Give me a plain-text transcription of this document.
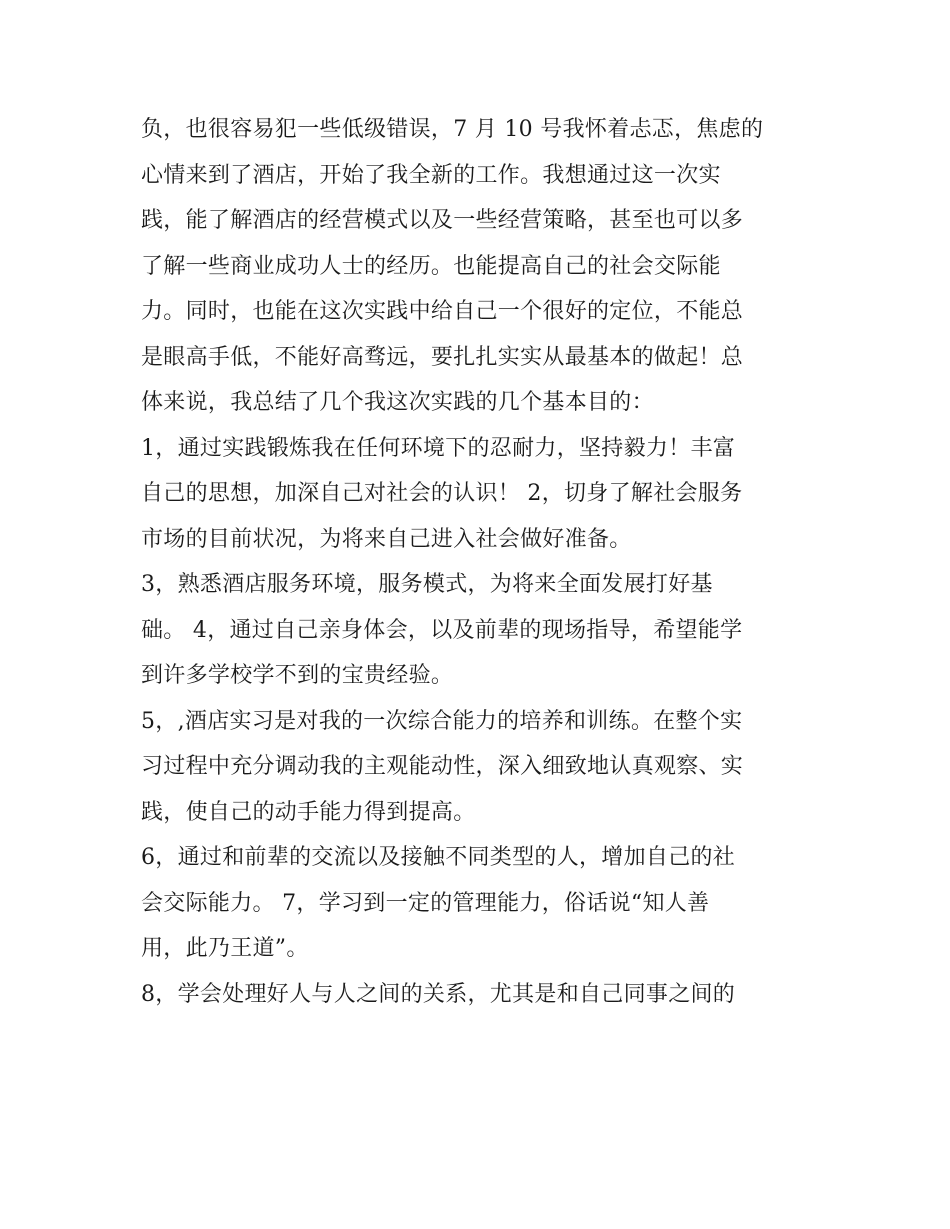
负，也很容易犯一些低级错误，7 月 10 号我怀着忐忑，焦虑的
心情来到了酒店，开始了我全新的工作。我想通过这一次实
践，能了解酒店的经营模式以及一些经营策略，甚至也可以多
了解一些商业成功人士的经历。也能提高自己的社会交际能
力。同时，也能在这次实践中给自己一个很好的定位，不能总
是眼高手低，不能好高骛远，要扎扎实实从最基本的做起！总
体来说，我总结了几个我这次实践的几个基本目的：
1，通过实践锻炼我在任何环境下的忍耐力，坚持毅力！丰富
自己的思想，加深自己对社会的认识！ 2，切身了解社会服务
市场的目前状况，为将来自己进入社会做好准备。
3，熟悉酒店服务环境，服务模式，为将来全面发展打好基
础。 4，通过自己亲身体会，以及前辈的现场指导，希望能学
到许多学校学不到的宝贵经验。
5，,酒店实习是对我的一次综合能力的培养和训练。在整个实
习过程中充分调动我的主观能动性，深入细致地认真观察、实
践，使自己的动手能力得到提高。
6，通过和前辈的交流以及接触不同类型的人，增加自己的社
会交际能力。 7，学习到一定的管理能力，俗话说“知人善
用，此乃王道”。
8，学会处理好人与人之间的关系，尤其是和自己同事之间的
